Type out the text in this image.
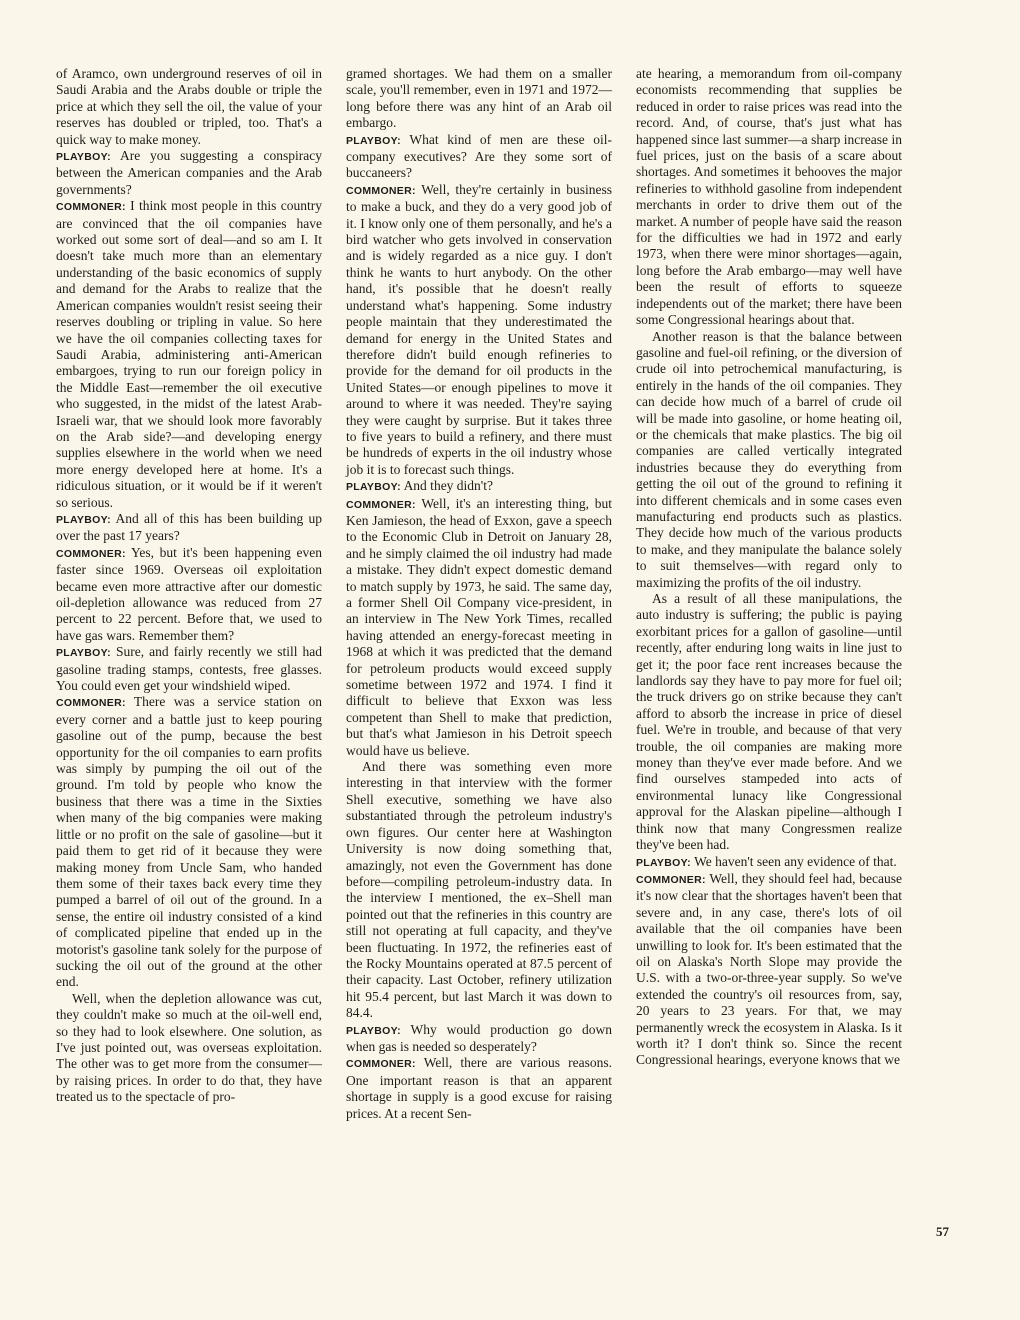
of Aramco, own underground reserves of oil in Saudi Arabia and the Arabs double or triple the price at which they sell the oil, the value of your reserves has doubled or tripled, too. That's a quick way to make money.

PLAYBOY: Are you suggesting a conspiracy between the American companies and the Arab governments?

COMMONER: I think most people in this country are convinced that the oil companies have worked out some sort of deal—and so am I. It doesn't take much more than an elementary understanding of the basic economics of supply and demand for the Arabs to realize that the American companies wouldn't resist seeing their reserves doubling or tripling in value. So here we have the oil companies collecting taxes for Saudi Arabia, administering anti-American embargoes, trying to run our foreign policy in the Middle East—remember the oil executive who suggested, in the midst of the latest Arab-Israeli war, that we should look more favorably on the Arab side?—and developing energy supplies elsewhere in the world when we need more energy developed here at home. It's a ridiculous situation, or it would be if it weren't so serious.

PLAYBOY: And all of this has been building up over the past 17 years?

COMMONER: Yes, but it's been happening even faster since 1969. Overseas oil exploitation became even more attractive after our domestic oil-depletion allowance was reduced from 27 percent to 22 percent. Before that, we used to have gas wars. Remember them?

PLAYBOY: Sure, and fairly recently we still had gasoline trading stamps, contests, free glasses. You could even get your windshield wiped.

COMMONER: There was a service station on every corner and a battle just to keep pouring gasoline out of the pump, because the best opportunity for the oil companies to earn profits was simply by pumping the oil out of the ground. I'm told by people who know the business that there was a time in the Sixties when many of the big companies were making little or no profit on the sale of gasoline—but it paid them to get rid of it because they were making money from Uncle Sam, who handed them some of their taxes back every time they pumped a barrel of oil out of the ground. In a sense, the entire oil industry consisted of a kind of complicated pipeline that ended up in the motorist's gasoline tank solely for the purpose of sucking the oil out of the ground at the other end.

Well, when the depletion allowance was cut, they couldn't make so much at the oil-well end, so they had to look elsewhere. One solution, as I've just pointed out, was overseas exploitation. The other was to get more from the consumer—by raising prices. In order to do that, they have treated us to the spectacle of pro-

gramed shortages. We had them on a smaller scale, you'll remember, even in 1971 and 1972—long before there was any hint of an Arab oil embargo.

PLAYBOY: What kind of men are these oil-company executives? Are they some sort of buccaneers?

COMMONER: Well, they're certainly in business to make a buck, and they do a very good job of it. I know only one of them personally, and he's a bird watcher who gets involved in conservation and is widely regarded as a nice guy. I don't think he wants to hurt anybody. On the other hand, it's possible that he doesn't really understand what's happening. Some industry people maintain that they underestimated the demand for energy in the United States and therefore didn't build enough refineries to provide for the demand for oil products in the United States—or enough pipelines to move it around to where it was needed. They're saying they were caught by surprise. But it takes three to five years to build a refinery, and there must be hundreds of experts in the oil industry whose job it is to forecast such things.

PLAYBOY: And they didn't?

COMMONER: Well, it's an interesting thing, but Ken Jamieson, the head of Exxon, gave a speech to the Economic Club in Detroit on January 28, and he simply claimed the oil industry had made a mistake. They didn't expect domestic demand to match supply by 1973, he said. The same day, a former Shell Oil Company vice-president, in an interview in The New York Times, recalled having attended an energy-forecast meeting in 1968 at which it was predicted that the demand for petroleum products would exceed supply sometime between 1972 and 1974. I find it difficult to believe that Exxon was less competent than Shell to make that prediction, but that's what Jamieson in his Detroit speech would have us believe.

And there was something even more interesting in that interview with the former Shell executive, something we have also substantiated through the petroleum industry's own figures. Our center here at Washington University is now doing something that, amazingly, not even the Government has done before—compiling petroleum-industry data. In the interview I mentioned, the ex–Shell man pointed out that the refineries in this country are still not operating at full capacity, and they've been fluctuating. In 1972, the refineries east of the Rocky Mountains operated at 87.5 percent of their capacity. Last October, refinery utilization hit 95.4 percent, but last March it was down to 84.4.

PLAYBOY: Why would production go down when gas is needed so desperately?

COMMONER: Well, there are various reasons. One important reason is that an apparent shortage in supply is a good excuse for raising prices. At a recent Sen-

ate hearing, a memorandum from oil-company economists recommending that supplies be reduced in order to raise prices was read into the record. And, of course, that's just what has happened since last summer—a sharp increase in fuel prices, just on the basis of a scare about shortages. And sometimes it behooves the major refineries to withhold gasoline from independent merchants in order to drive them out of the market. A number of people have said the reason for the difficulties we had in 1972 and early 1973, when there were minor shortages—again, long before the Arab embargo—may well have been the result of efforts to squeeze independents out of the market; there have been some Congressional hearings about that.

Another reason is that the balance between gasoline and fuel-oil refining, or the diversion of crude oil into petrochemical manufacturing, is entirely in the hands of the oil companies. They can decide how much of a barrel of crude oil will be made into gasoline, or home heating oil, or the chemicals that make plastics. The big oil companies are called vertically integrated industries because they do everything from getting the oil out of the ground to refining it into different chemicals and in some cases even manufacturing end products such as plastics. They decide how much of the various products to make, and they manipulate the balance solely to suit themselves—with regard only to maximizing the profits of the oil industry.

As a result of all these manipulations, the auto industry is suffering; the public is paying exorbitant prices for a gallon of gasoline—until recently, after enduring long waits in line just to get it; the poor face rent increases because the landlords say they have to pay more for fuel oil; the truck drivers go on strike because they can't afford to absorb the increase in price of diesel fuel. We're in trouble, and because of that very trouble, the oil companies are making more money than they've ever made before. And we find ourselves stampeded into acts of environmental lunacy like Congressional approval for the Alaskan pipeline—although I think now that many Congressmen realize they've been had.

PLAYBOY: We haven't seen any evidence of that.

COMMONER: Well, they should feel had, because it's now clear that the shortages haven't been that severe and, in any case, there's lots of oil available that the oil companies have been unwilling to look for. It's been estimated that the oil on Alaska's North Slope may provide the U.S. with a two-or-three-year supply. So we've extended the country's oil resources from, say, 20 years to 23 years. For that, we may permanently wreck the ecosystem in Alaska. Is it worth it? I don't think so. Since the recent Congressional hearings, everyone knows that we

57
